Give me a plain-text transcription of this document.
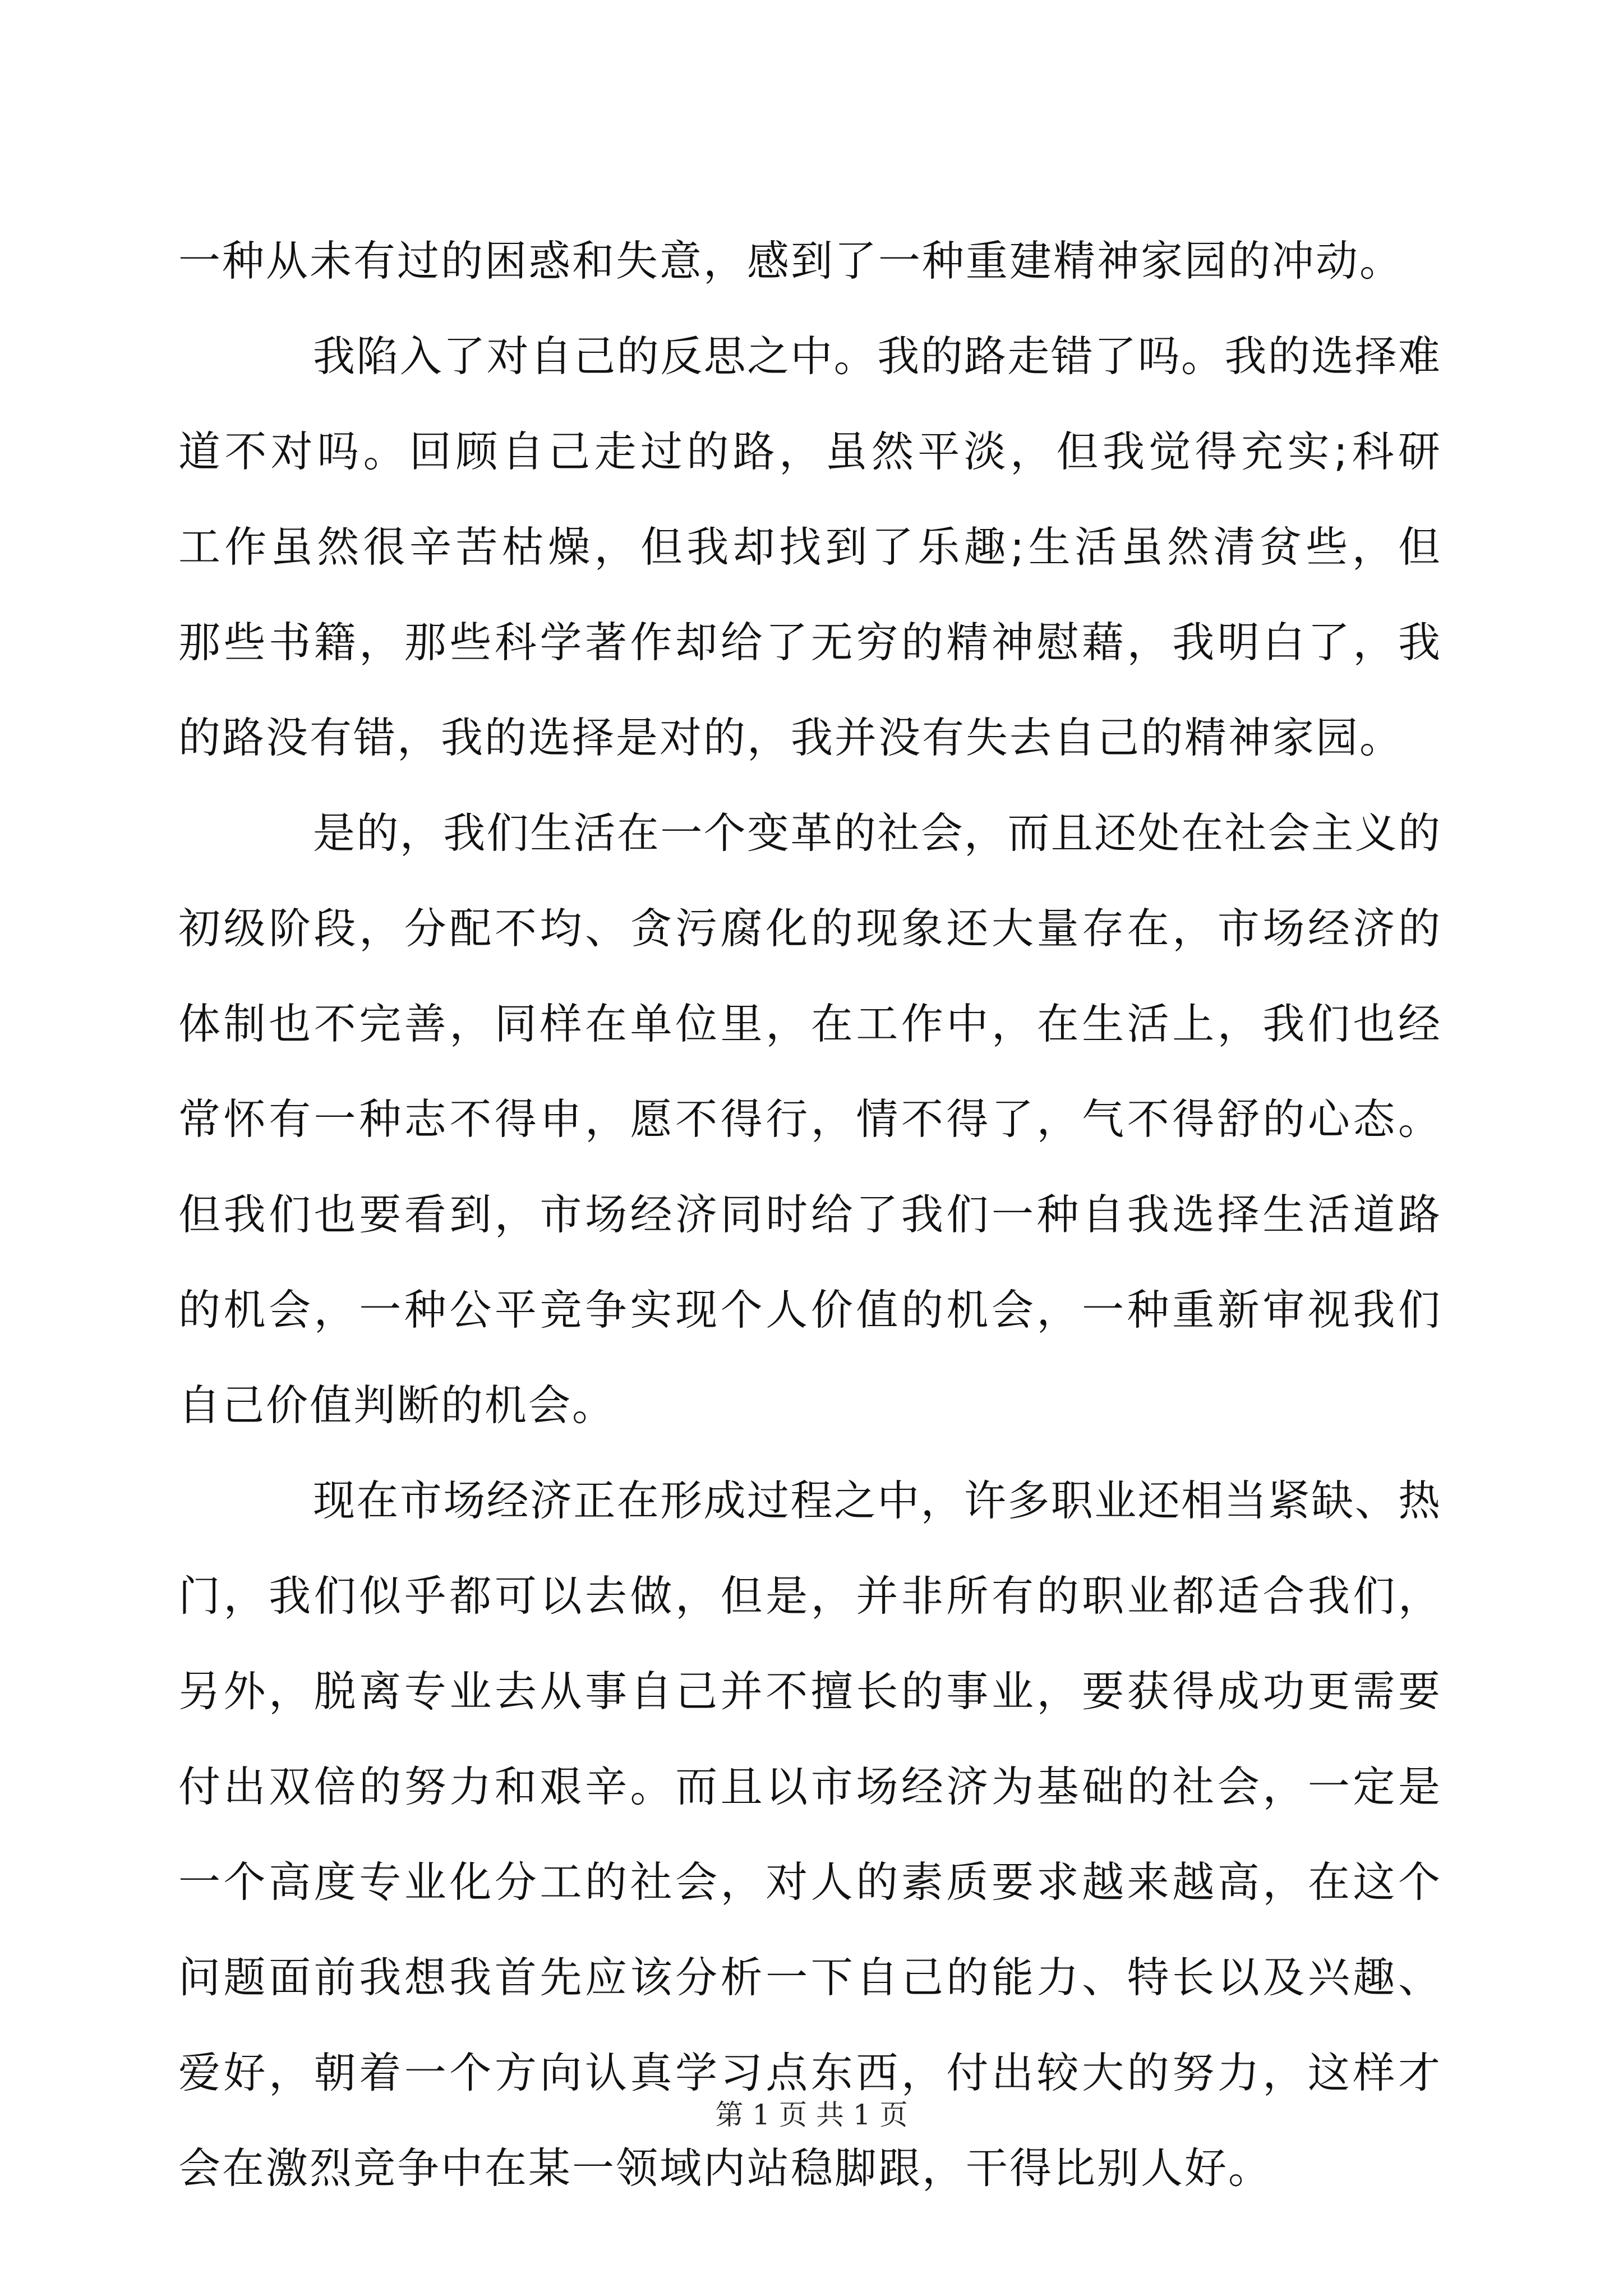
一种从未有过的困惑和失意，感到了一种重建精神家园的冲动。
我陷入了对自己的反思之中。我的路走错了吗。我的选择难
道不对吗。回顾自己走过的路，虽然平淡，但我觉得充实;科研
工作虽然很辛苦枯燥，但我却找到了乐趣;生活虽然清贫些，但
那些书籍，那些科学著作却给了无穷的精神慰藉，我明白了，我
的路没有错，我的选择是对的，我并没有失去自己的精神家园。
是的，我们生活在一个变革的社会，而且还处在社会主义的
初级阶段，分配不均、贪污腐化的现象还大量存在，市场经济的
体制也不完善，同样在单位里，在工作中，在生活上，我们也经
常怀有一种志不得申，愿不得行，情不得了，气不得舒的心态。
但我们也要看到，市场经济同时给了我们一种自我选择生活道路
的机会，一种公平竞争实现个人价值的机会，一种重新审视我们
自己价值判断的机会。
现在市场经济正在形成过程之中，许多职业还相当紧缺、热
门，我们似乎都可以去做，但是，并非所有的职业都适合我们，
另外，脱离专业去从事自己并不擅长的事业，要获得成功更需要
付出双倍的努力和艰辛。而且以市场经济为基础的社会，一定是
一个高度专业化分工的社会，对人的素质要求越来越高，在这个
问题面前我想我首先应该分析一下自己的能力、特长以及兴趣、
爱好，朝着一个方向认真学习点东西，付出较大的努力，这样才
会在激烈竞争中在某一领域内站稳脚跟，干得比别人好。
第 1 页 共 1 页
